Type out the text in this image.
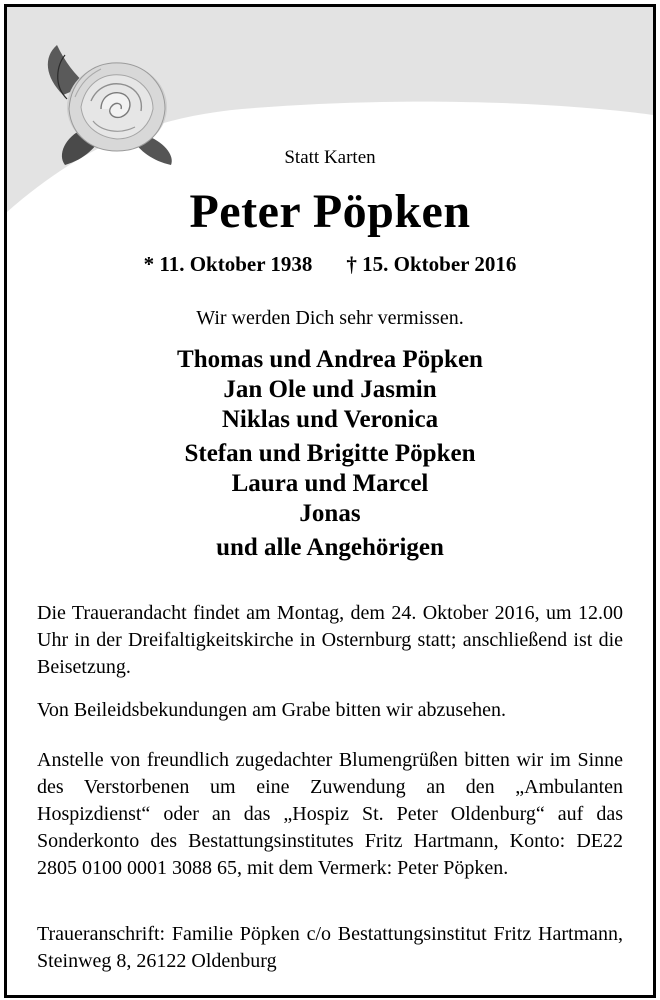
Statt Karten
Peter Pöpken
* 11. Oktober 1938 † 15. Oktober 2016
Wir werden Dich sehr vermissen.
Thomas und Andrea Pöpken
Jan Ole und Jasmin
Niklas und Veronica
Stefan und Brigitte Pöpken
Laura und Marcel
Jonas
und alle Angehörigen
Die Trauerandacht findet am Montag, dem 24. Oktober 2016, um 12.00 Uhr in der Dreifaltigkeitskirche in Osternburg statt; anschließend ist die Beisetzung.
Von Beileidsbekundungen am Grabe bitten wir abzusehen.
Anstelle von freundlich zugedachter Blumengrüßen bitten wir im Sinne des Verstorbenen um eine Zuwendung an den „Ambulanten Hospizdienst“ oder an das „Hospiz St. Peter Oldenburg“ auf das Sonderkonto des Bestattungsinstitutes Fritz Hartmann, Konto: DE22 2805 0100 0001 3088 65, mit dem Vermerk: Peter Pöpken.
Traueranschrift: Familie Pöpken c/o Bestattungsinstitut Fritz Hartmann, Steinweg 8, 26122 Oldenburg
